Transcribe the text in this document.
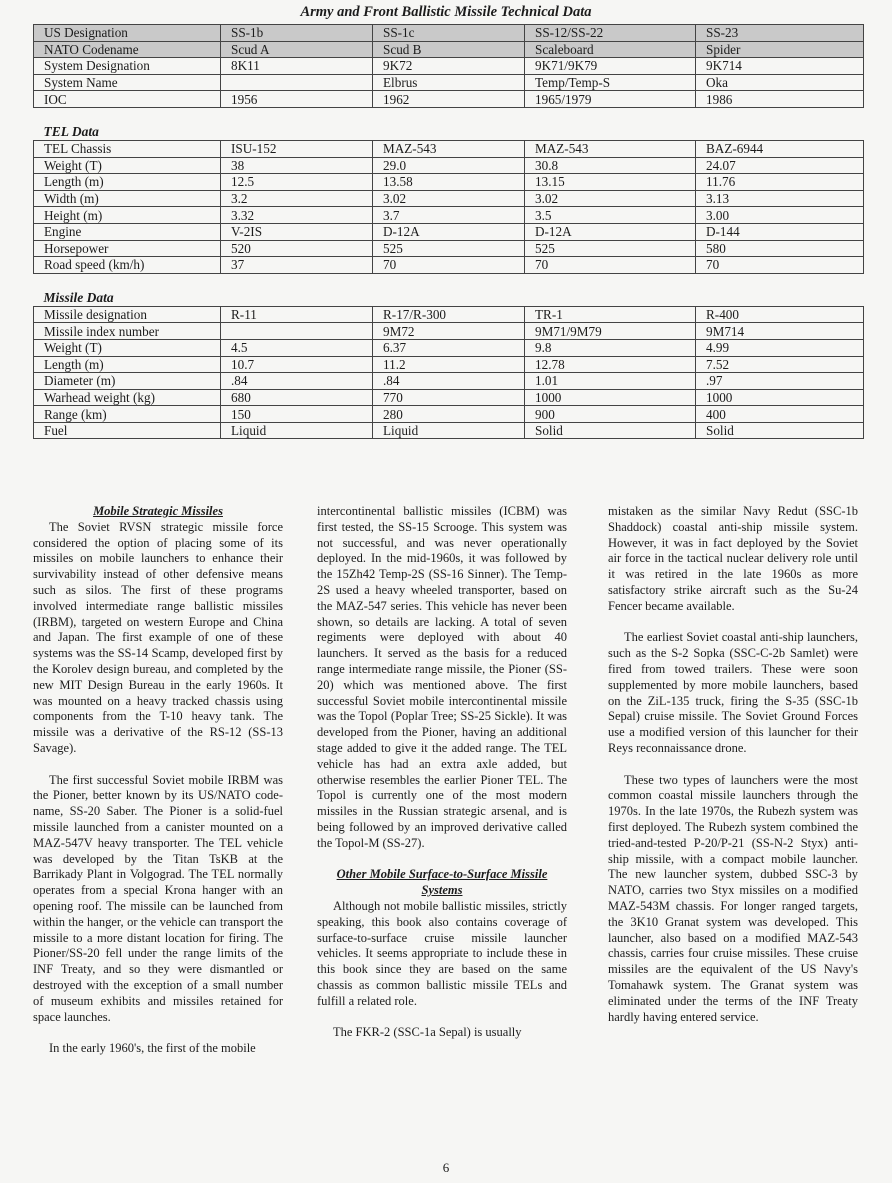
Army and Front Ballistic Missile Technical Data
US Designation	SS-1b	SS-1c	SS-12/SS-22	SS-23
NATO Codename	Scud A	Scud B	Scaleboard	Spider
System Designation	8K11	9K72	9K71/9K79	9K714
System Name		Elbrus	Temp/Temp-S	Oka
IOC	1956	1962	1965/1979	1986
TEL Data				
TEL Chassis	ISU-152	MAZ-543	MAZ-543	BAZ-6944
Weight (T)	38	29.0	30.8	24.07
Length (m)	12.5	13.58	13.15	11.76
Width (m)	3.2	3.02	3.02	3.13
Height (m)	3.32	3.7	3.5	3.00
Engine	V-2IS	D-12A	D-12A	D-144
Horsepower	520	525	525	580
Road speed (km/h)	37	70	70	70
Missile Data				
Missile designation	R-11	R-17/R-300	TR-1	R-400
Missile index number		9M72	9M71/9M79	9M714
Weight (T)	4.5	6.37	9.8	4.99
Length (m)	10.7	11.2	12.78	7.52
Diameter (m)	.84	.84	1.01	.97
Warhead weight (kg)	680	770	1000	1000
Range (km)	150	280	900	400
Fuel	Liquid	Liquid	Solid	Solid

Mobile Strategic Missiles

The Soviet RVSN strategic missile force considered the option of placing some of its missiles on mobile launchers to enhance their survivability instead of other defensive means such as silos. The first of these programs involved intermediate range ballistic missiles (IRBM), targeted on western Europe and China and Japan. The first example of one of these systems was the SS-14 Scamp, developed first by the Korolev design bureau, and completed by the new MIT Design Bureau in the early 1960s. It was mounted on a heavy tracked chassis using components from the T-10 heavy tank. The missile was a derivative of the RS-12 (SS-13 Savage).

The first successful Soviet mobile IRBM was the Pioner, better known by its US/NATO code-name, SS-20 Saber. The Pioner is a solid-fuel missile launched from a canister mounted on a MAZ-547V heavy transporter. The TEL vehicle was developed by the Titan TsKB at the Barrikady Plant in Volgograd. The TEL normally operates from a special Krona hanger with an opening roof. The missile can be launched from within the hanger, or the vehicle can transport the missile to a more distant location for firing. The Pioner/SS-20 fell under the range limits of the INF Treaty, and so they were dismantled or destroyed with the exception of a small number of museum exhibits and missiles retained for space launches.

In the early 1960's, the first of the mobile

intercontinental ballistic missiles (ICBM) was first tested, the SS-15 Scrooge. This system was not successful, and was never operationally deployed. In the mid-1960s, it was followed by the 15Zh42 Temp-2S (SS-16 Sinner). The Temp-2S used a heavy wheeled transporter, based on the MAZ-547 series. This vehicle has never been shown, so details are lacking. A total of seven regiments were deployed with about 40 launchers. It served as the basis for a reduced range intermediate range missile, the Pioner (SS-20) which was mentioned above. The first successful Soviet mobile intercontinental missile was the Topol (Poplar Tree; SS-25 Sickle). It was developed from the Pioner, having an additional stage added to give it the added range. The TEL vehicle has had an extra axle added, but otherwise resembles the earlier Pioner TEL. The Topol is currently one of the most modern missiles in the Russian strategic arsenal, and is being followed by an improved derivative called the Topol-M (SS-27).

Other Mobile Surface-to-Surface Missile Systems

Although not mobile ballistic missiles, strictly speaking, this book also contains coverage of surface-to-surface cruise missile launcher vehicles. It seems appropriate to include these in this book since they are based on the same chassis as common ballistic missile TELs and fulfill a related role.

The FKR-2 (SSC-1a Sepal) is usually

mistaken as the similar Navy Redut (SSC-1b Shaddock) coastal anti-ship missile system. However, it was in fact deployed by the Soviet air force in the tactical nuclear delivery role until it was retired in the late 1960s as more satisfactory strike aircraft such as the Su-24 Fencer became available.

The earliest Soviet coastal anti-ship launchers, such as the S-2 Sopka (SSC-C-2b Samlet) were fired from towed trailers. These were soon supplemented by more mobile launchers, based on the ZiL-135 truck, firing the S-35 (SSC-1b Sepal) cruise missile. The Soviet Ground Forces use a modified version of this launcher for their Reys reconnaissance drone.

These two types of launchers were the most common coastal missile launchers through the 1970s. In the late 1970s, the Rubezh system was first deployed. The Rubezh system combined the tried-and-tested P-20/P-21 (SS-N-2 Styx) anti-ship missile, with a compact mobile launcher. The new launcher system, dubbed SSC-3 by NATO, carries two Styx missiles on a modified MAZ-543M chassis. For longer ranged targets, the 3K10 Granat system was developed. This launcher, also based on a modified MAZ-543 chassis, carries four cruise missiles. These cruise missiles are the equivalent of the US Navy's Tomahawk system. The Granat system was eliminated under the terms of the INF Treaty hardly having entered service.

6
